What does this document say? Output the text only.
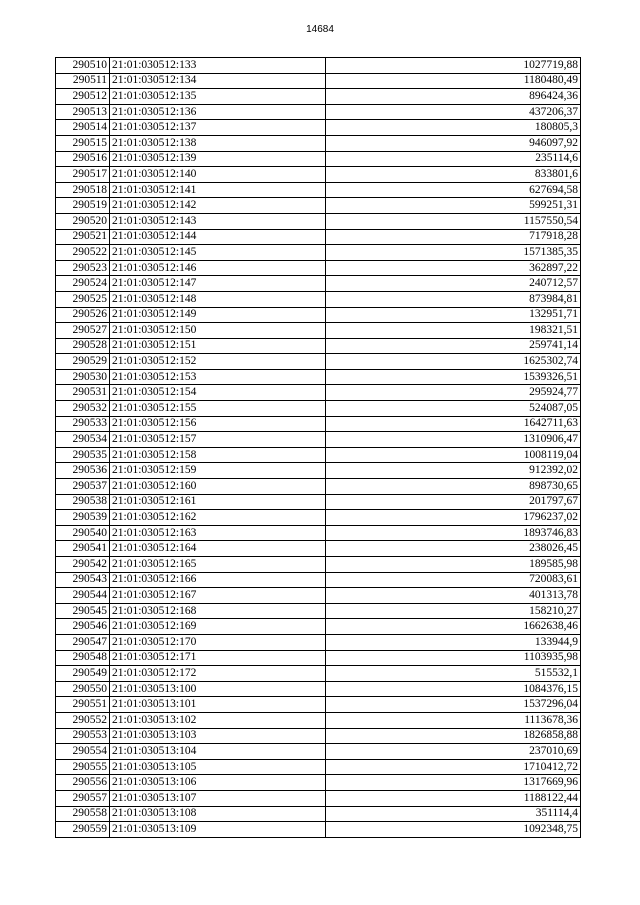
14684
290510	21:01:030512:133	1027719,88
290511	21:01:030512:134	1180480,49
290512	21:01:030512:135	896424,36
290513	21:01:030512:136	437206,37
290514	21:01:030512:137	180805,3
290515	21:01:030512:138	946097,92
290516	21:01:030512:139	235114,6
290517	21:01:030512:140	833801,6
290518	21:01:030512:141	627694,58
290519	21:01:030512:142	599251,31
290520	21:01:030512:143	1157550,54
290521	21:01:030512:144	717918,28
290522	21:01:030512:145	1571385,35
290523	21:01:030512:146	362897,22
290524	21:01:030512:147	240712,57
290525	21:01:030512:148	873984,81
290526	21:01:030512:149	132951,71
290527	21:01:030512:150	198321,51
290528	21:01:030512:151	259741,14
290529	21:01:030512:152	1625302,74
290530	21:01:030512:153	1539326,51
290531	21:01:030512:154	295924,77
290532	21:01:030512:155	524087,05
290533	21:01:030512:156	1642711,63
290534	21:01:030512:157	1310906,47
290535	21:01:030512:158	1008119,04
290536	21:01:030512:159	912392,02
290537	21:01:030512:160	898730,65
290538	21:01:030512:161	201797,67
290539	21:01:030512:162	1796237,02
290540	21:01:030512:163	1893746,83
290541	21:01:030512:164	238026,45
290542	21:01:030512:165	189585,98
290543	21:01:030512:166	720083,61
290544	21:01:030512:167	401313,78
290545	21:01:030512:168	158210,27
290546	21:01:030512:169	1662638,46
290547	21:01:030512:170	133944,9
290548	21:01:030512:171	1103935,98
290549	21:01:030512:172	515532,1
290550	21:01:030513:100	1084376,15
290551	21:01:030513:101	1537296,04
290552	21:01:030513:102	1113678,36
290553	21:01:030513:103	1826858,88
290554	21:01:030513:104	237010,69
290555	21:01:030513:105	1710412,72
290556	21:01:030513:106	1317669,96
290557	21:01:030513:107	1188122,44
290558	21:01:030513:108	351114,4
290559	21:01:030513:109	1092348,75
